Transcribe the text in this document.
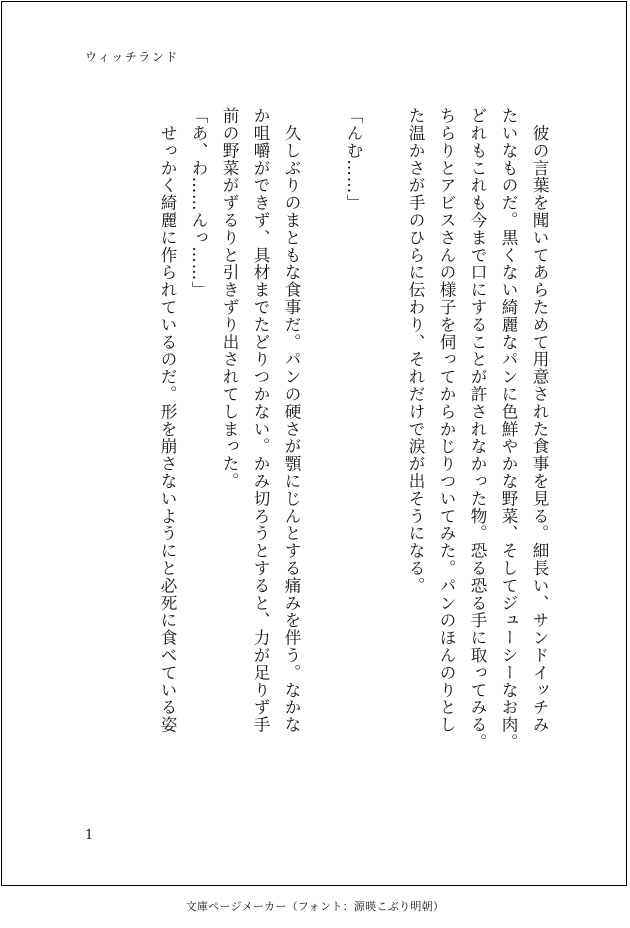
ウィッチランド

　彼の言葉を聞いてあらためて用意された食事を見る。細長い、サンドイッチみ

たいなものだ。黒くない綺麗なパンに色鮮やかな野菜、そしてジューシーなお肉。

どれもこれも今まで口にすることが許されなかった物。恐る恐る手に取ってみる。

ちらりとアビスさんの様子を伺ってからかじりついてみた。パンのほんのりとし

た温かさが手のひらに伝わり、それだけで涙が出そうになる。

「んむ……」

　久しぶりのまともな食事だ。パンの硬さが顎にじんとする痛みを伴う。なかな

か咀嚼ができず、具材までたどりつかない。かみ切ろうとすると、力が足りず手

前の野菜がずるりと引きずり出されてしまった。

「あ、わ……んっ……」

　せっかく綺麗に作られているのだ。形を崩さないようにと必死に食べている姿

1
文庫ページメーカー（フォント：源暎こぶり明朝）
